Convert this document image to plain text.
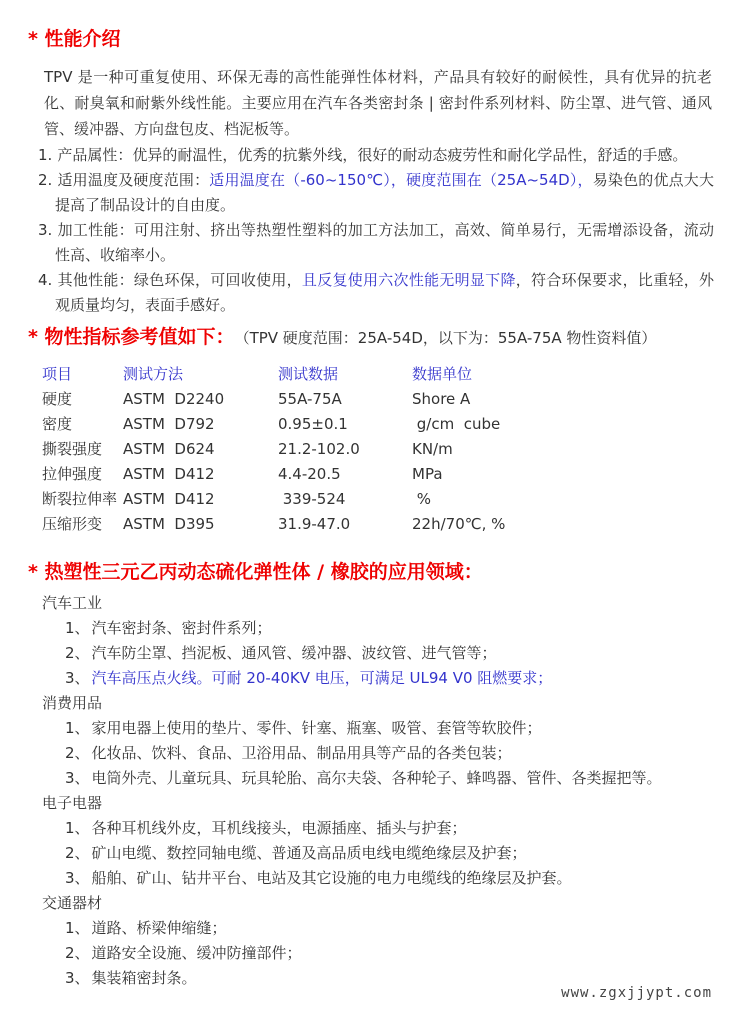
* 性能介绍

TPV 是一种可重复使用、环保无毒的高性能弹性体材料，产品具有较好的耐候性，具有优异的抗老化、耐臭氧和耐紫外线性能。主要应用在汽车各类密封条 | 密封件系列材料、防尘罩、进气管、通风管、缓冲器、方向盘包皮、档泥板等。

1. 产品属性：优异的耐温性，优秀的抗紫外线，很好的耐动态疲劳性和耐化学品性，舒适的手感。
2. 适用温度及硬度范围：适用温度在（-60~150℃），硬度范围在（25A~54D），易染色的优点大大提高了制品设计的自由度。
3. 加工性能：可用注射、挤出等热塑性塑料的加工方法加工，高效、简单易行，无需增添设备，流动性高、收缩率小。
4. 其他性能：绿色环保，可回收使用，且反复使用六次性能无明显下降，符合环保要求，比重轻，外观质量均匀，表面手感好。
* 物性指标参考值如下：（TPV 硬度范围：25A-54D，以下为：55A-75A 物性资料值）
项目	测试方法	测试数据	数据单位
硬度	ASTM  D2240	55A-75A	Shore A
密度	ASTM  D792	0.95±0.1	g/cm  cube
撕裂强度	ASTM  D624	21.2-102.0	KN/m
拉伸强度	ASTM  D412	4.4-20.5	MPa
断裂拉伸率 ASTM  D412	339-524	%
压缩形变	ASTM  D395	31.9-47.0	22h/70℃, %
* 热塑性三元乙丙动态硫化弹性体 / 橡胶的应用领域：
汽车工业
1、 汽车密封条、密封件系列；
2、 汽车防尘罩、挡泥板、通风管、缓冲器、波纹管、进气管等；
3、 汽车高压点火线。可耐 20-40KV 电压，可满足 UL94 V0 阻燃要求；
消费用品
1、 家用电器上使用的垫片、零件、针塞、瓶塞、吸管、套管等软胶件；
2、 化妆品、饮料、食品、卫浴用品、制品用具等产品的各类包装；
3、 电筒外壳、儿童玩具、玩具轮胎、高尔夫袋、各种轮子、蜂鸣器、管件、各类握把等。
电子电器
1、 各种耳机线外皮，耳机线接头，电源插座、插头与护套；
2、 矿山电缆、数控同轴电缆、普通及高品质电线电缆绝缘层及护套；
3、 船舶、矿山、钻井平台、电站及其它设施的电力电缆线的绝缘层及护套。
交通器材
1、 道路、桥梁伸缩缝；
2、 道路安全设施、缓冲防撞部件；
3、 集装箱密封条。
www.zgxjjypt.com
